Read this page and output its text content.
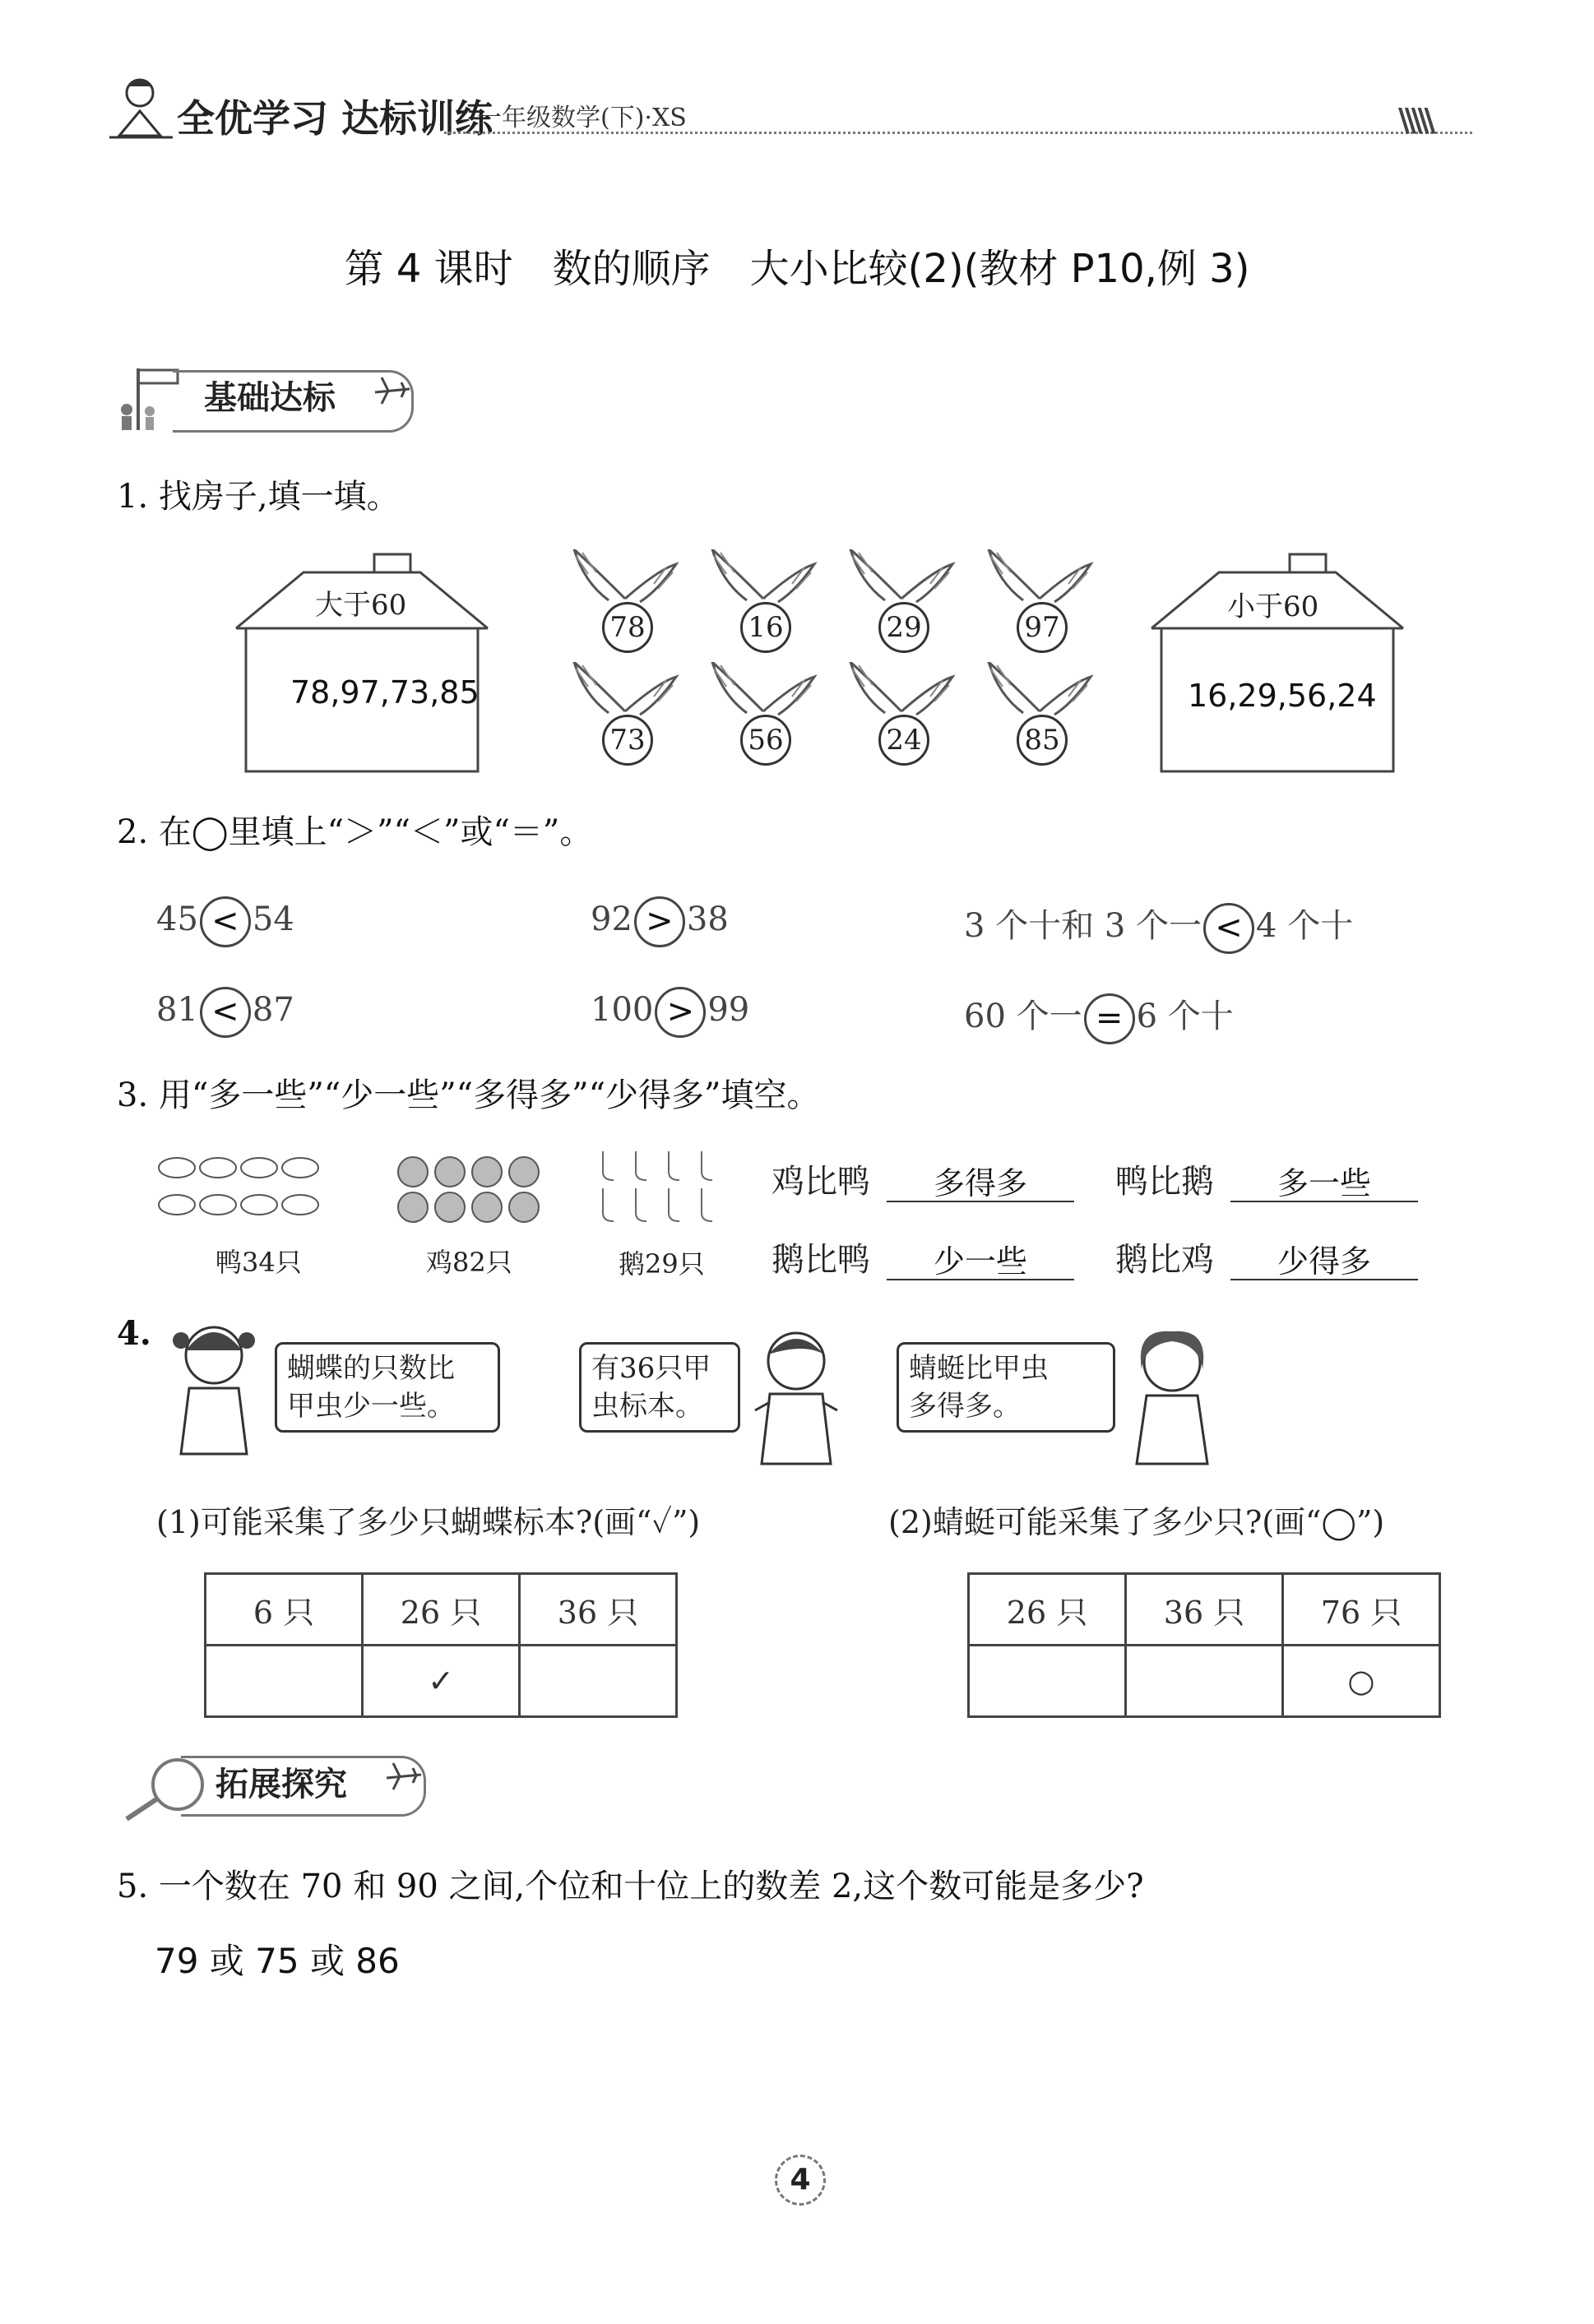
全优学习 达标训练
一年级数学(下)·XS	\\\\\
第 4 课时　数的顺序　大小比较(2)(教材 P10,例 3)
基础达标
1. 找房子,填一填。
大于60
78,97,73,85
小于60
16,29,56,24
78	16	29	97
73	56	24	85
2. 在◯里填上“＞”“＜”或“＝”。
45 < 54	92 > 38	3 个十和 3 个一 < 4 个十
81 < 87	100 > 99	60 个一 = 6 个十
3. 用“多一些”“少一些”“多得多”“少得多”填空。
鸭34只	鸡82只	鹅29只
鸡比鸭	多得多	鸭比鹅	多一些
鹅比鸭	少一些	鹅比鸡	少得多
4.
蝴蝶的只数比
甲虫少一些。
有36只甲
虫标本。
蜻蜓比甲虫
多得多。
(1)可能采集了多少只蝴蝶标本?(画“✓”)	(2)蜻蜓可能采集了多少只?(画“◯”)
6 只	26 只	36 只
	✓	
26 只	36 只	76 只
		○
拓展探究
5. 一个数在 70 和 90 之间,个位和十位上的数差 2,这个数可能是多少?
79 或 75 或 86
4
